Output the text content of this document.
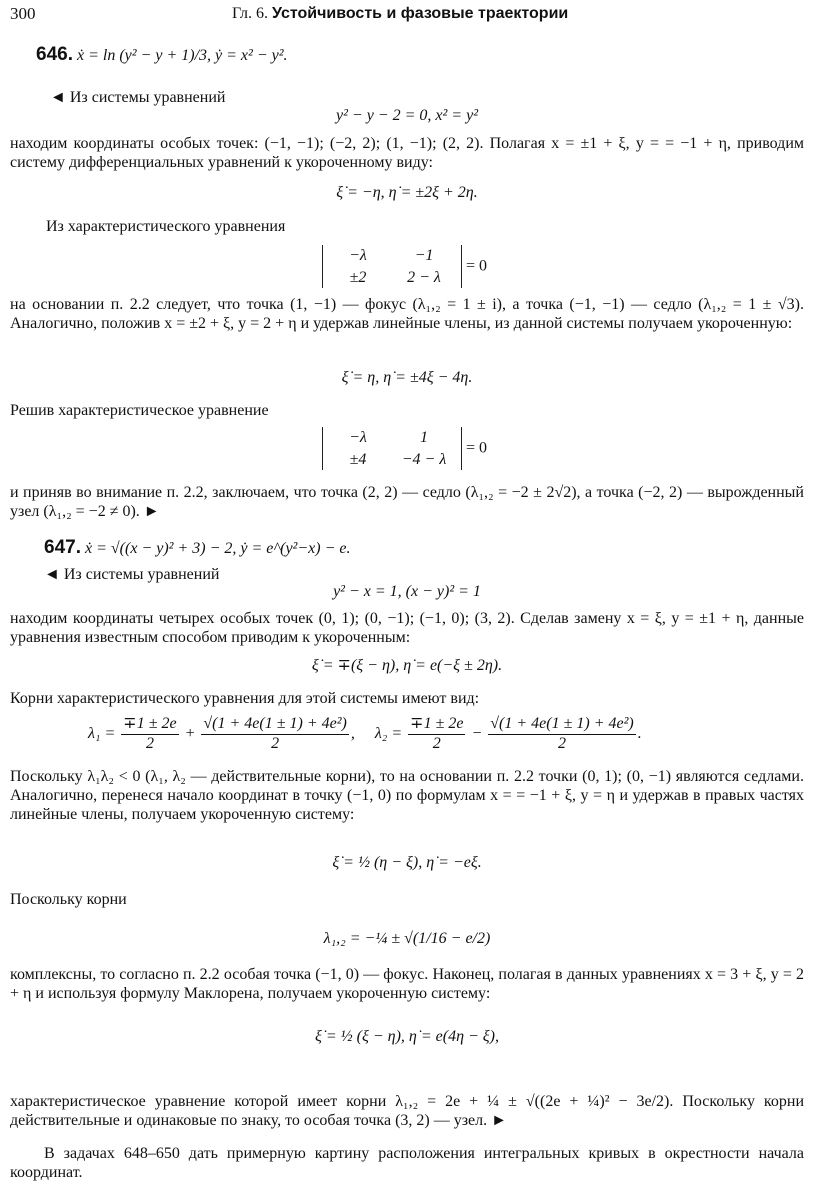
300	Гл. 6. Устойчивость и фазовые траектории
646. ẋ = ln (y² − y + 1)/3, ẏ = x² − y².
◄ Из системы уравнений
y² − y − 2 = 0, x² = y²
находим координаты особых точек: (−1, −1); (−2, 2); (1, −1); (2, 2). Полагая x = ±1 + ξ, y = = −1 + η, приводим систему дифференциальных уравнений к укороченному виду:
ξ̇ = −η, η̇ = ±2ξ + 2η.
Из характеристического уравнения
−λ	−1
±2	2 − λ
= 0
на основании п. 2.2 следует, что точка (1, −1) — фокус (λ₁,₂ = 1 ± i), а точка (−1, −1) — седло (λ₁,₂ = 1 ± √3). Аналогично, положив x = ±2 + ξ, y = 2 + η и удержав линейные члены, из данной системы получаем укороченную:
ξ̇ = η, η̇ = ±4ξ − 4η.
Решив характеристическое уравнение
−λ	1
±4	−4 − λ
= 0
и приняв во внимание п. 2.2, заключаем, что точка (2, 2) — седло (λ₁,₂ = −2 ± 2√2), а точка (−2, 2) — вырожденный узел (λ₁,₂ = −2 ≠ 0). ►
647. ẋ = √((x − y)² + 3) − 2, ẏ = e^(y²−x) − e.
◄ Из системы уравнений
y² − x = 1, (x − y)² = 1
находим координаты четырех особых точек (0, 1); (0, −1); (−1, 0); (3, 2). Сделав замену x = ξ, y = ±1 + η, данные уравнения известным способом приводим к укороченным:
ξ̇ = ∓(ξ − η), η̇ = e(−ξ ± 2η).
Корни характеристического уравнения для этой системы имеют вид:
$\lambda_1 = \frac{\mp 1 \pm 2e}{2} + \frac{\text{√(1 + 4e(1 ± 1) + 4e²)}}{2}$ ,     $\lambda_2 = \frac{\mp 1 \pm 2e}{2} - \frac{\text{√(1 + 4e(1 ± 1) + 4e²)}}{2}$ .
Поскольку λ₁λ₂ < 0 (λ₁, λ₂ — действительные корни), то на основании п. 2.2 точки (0, 1); (0, −1) являются седлами. Аналогично, перенеся начало координат в точку (−1, 0) по формулам x = = −1 + ξ, y = η и удержав в правых частях линейные члены, получаем укороченную систему:
ξ̇ = ½ (η − ξ), η̇ = −eξ.
Поскольку корни
λ₁,₂ = −¼ ± √(1/16 − e/2)
комплексны, то согласно п. 2.2 особая точка (−1, 0) — фокус. Наконец, полагая в данных уравнениях x = 3 + ξ, y = 2 + η и используя формулу Маклорена, получаем укороченную систему:
ξ̇ = ½ (ξ − η), η̇ = e(4η − ξ),
характеристическое уравнение которой имеет корни λ₁,₂ = 2e + ¼ ± √((2e + ¼)² − 3e/2). Поскольку корни действительные и одинаковые по знаку, то особая точка (3, 2) — узел. ►
В задачах 648–650 дать примерную картину расположения интегральных кривых в окрестности начала координат.
